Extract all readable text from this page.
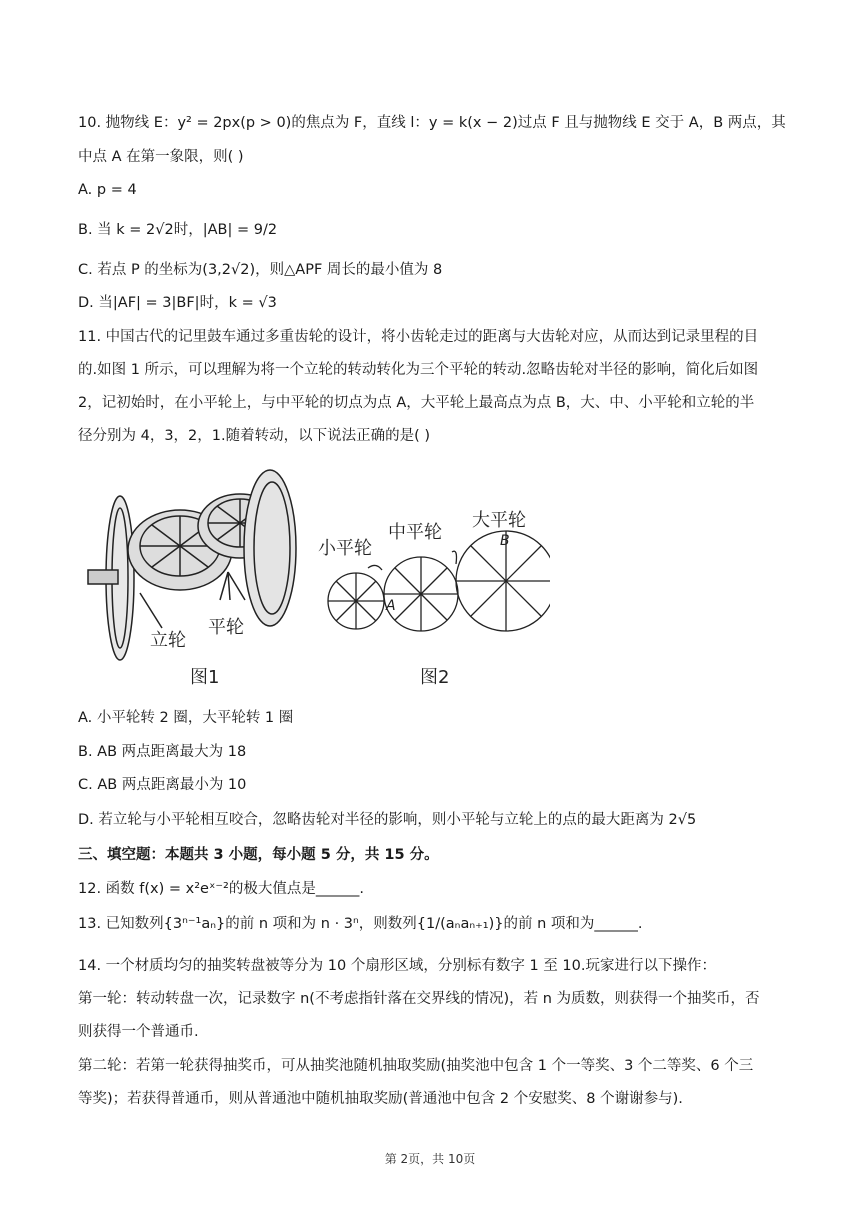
10. 抛物线 E：y² = 2px(p > 0)的焦点为 F，直线 l：y = k(x − 2)过点 F 且与抛物线 E 交于 A，B 两点，其
中点 A 在第一象限，则( )
A. p = 4
B. 当 k = 2√2时，|AB| = 9/2
C. 若点 P 的坐标为(3,2√2)，则△APF 周长的最小值为 8
D. 当|AF| = 3|BF|时，k = √3
11. 中国古代的记里鼓车通过多重齿轮的设计，将小齿轮走过的距离与大齿轮对应，从而达到记录里程的目
的.如图 1 所示，可以理解为将一个立轮的转动转化为三个平轮的转动.忽略齿轮对半径的影响，简化后如图
2，记初始时，在小平轮上，与中平轮的切点为点 A，大平轮上最高点为点 B，大、中、小平轮和立轮的半
径分别为 4，3，2，1.随着转动，以下说法正确的是( )
立轮
平轮
图1
小平轮
中平轮
大平轮
A
B
图2
A. 小平轮转 2 圈，大平轮转 1 圈
B. AB 两点距离最大为 18
C. AB 两点距离最小为 10
D. 若立轮与小平轮相互咬合，忽略齿轮对半径的影响，则小平轮与立轮上的点的最大距离为 2√5
三、填空题：本题共 3 小题，每小题 5 分，共 15 分。
12. 函数 f(x) = x²eˣ⁻²的极大值点是______.
13. 已知数列{3ⁿ⁻¹aₙ}的前 n 项和为 n · 3ⁿ，则数列{1/(aₙaₙ₊₁)}的前 n 项和为______.
14. 一个材质均匀的抽奖转盘被等分为 10 个扇形区域，分别标有数字 1 至 10.玩家进行以下操作：
第一轮：转动转盘一次，记录数字 n(不考虑指针落在交界线的情况)，若 n 为质数，则获得一个抽奖币，否
则获得一个普通币.
第二轮：若第一轮获得抽奖币，可从抽奖池随机抽取奖励(抽奖池中包含 1 个一等奖、3 个二等奖、6 个三
等奖)；若获得普通币，则从普通池中随机抽取奖励(普通池中包含 2 个安慰奖、8 个谢谢参与).
第 2页，共 10页
